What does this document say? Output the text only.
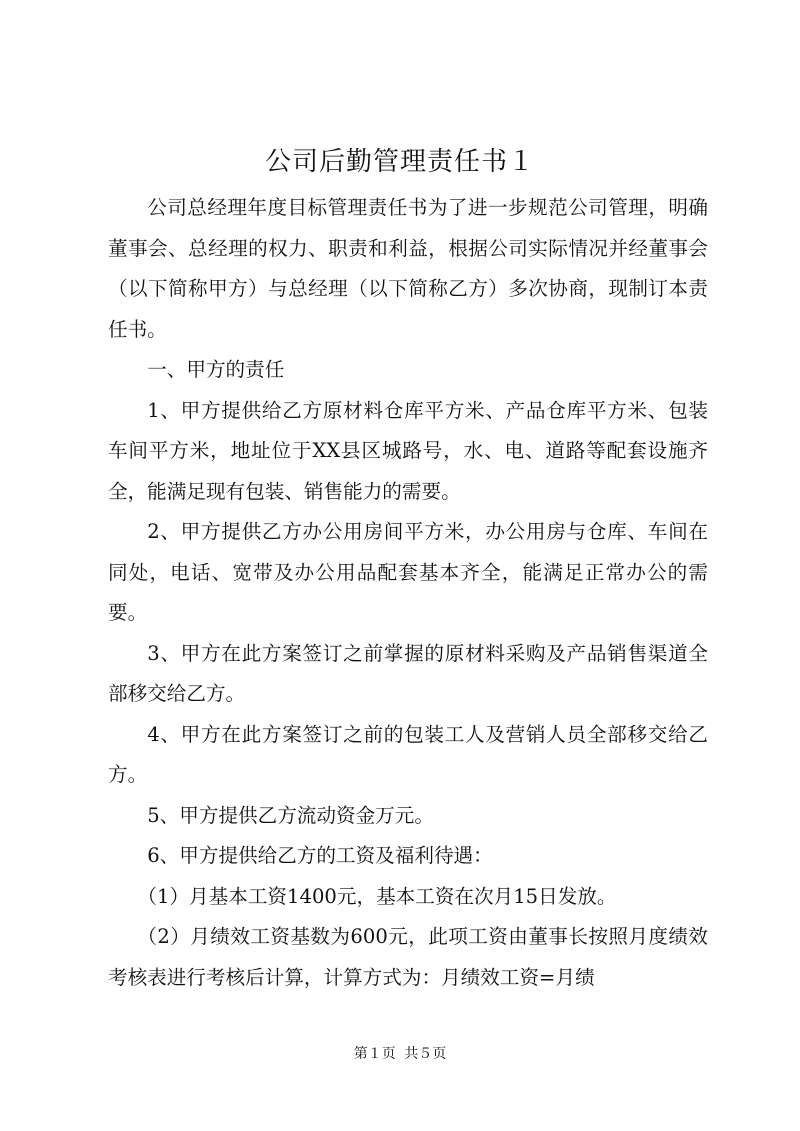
公司后勤管理责任书１

公司总经理年度目标管理责任书为了进一步规范公司管理，明确董事会、总经理的权力、职责和利益，根据公司实际情况并经董事会（以下简称甲方）与总经理（以下简称乙方）多次协商，现制订本责任书。

一、甲方的责任

1、甲方提供给乙方原材料仓库平方米、产品仓库平方米、包装车间平方米，地址位于XX县区城路号，水、电、道路等配套设施齐全，能满足现有包装、销售能力的需要。

2、甲方提供乙方办公用房间平方米，办公用房与仓库、车间在同处，电话、宽带及办公用品配套基本齐全，能满足正常办公的需要。

3、甲方在此方案签订之前掌握的原材料采购及产品销售渠道全部移交给乙方。

4、甲方在此方案签订之前的包装工人及营销人员全部移交给乙方。

5、甲方提供乙方流动资金万元。

6、甲方提供给乙方的工资及福利待遇：

（1）月基本工资1400元，基本工资在次月15日发放。

（2）月绩效工资基数为600元，此项工资由董事长按照月度绩效考核表进行考核后计算，计算方式为：月绩效工资=月绩

第１页 共５页
